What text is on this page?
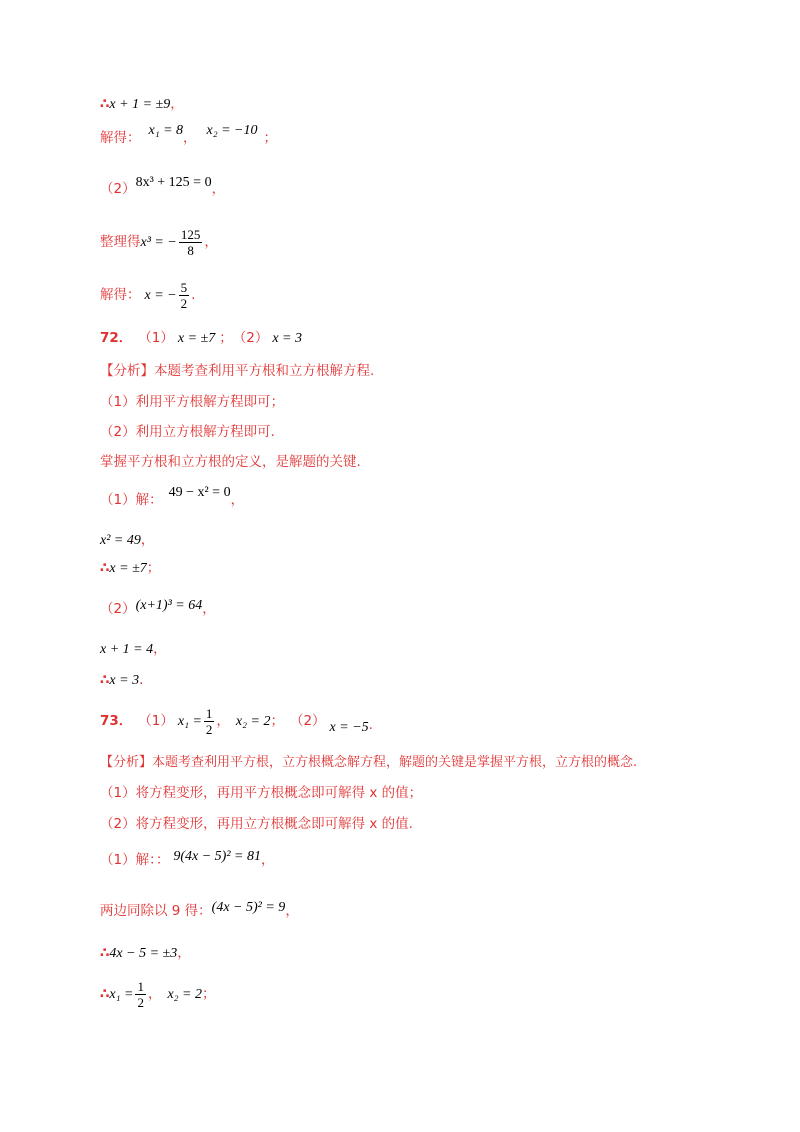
∴ x + 1 = ±9 ，
解得： x₁ = 8 ， x₂ = −10 ；
（2） 8x³ + 125 = 0 ，
整理得 x³ = − $\frac{125}{8}$ ，
解得： x = − $\frac{5}{2}$ .
72． （1） x = ±7 ； （2） x = 3
【分析】本题考查利用平方根和立方根解方程.
（1）利用平方根解方程即可；
（2）利用立方根解方程即可.
掌握平方根和立方根的定义，是解题的关键.
（1）解： 49 − x² = 0 ，
x² = 49 ，
∴ x = ±7 ；
（2） (x+1)³ = 64 ，
x + 1 = 4 ，
∴ x = 3 .
73． （1） $x_1 = \frac{1}{2}$ ， x₂ = 2 ； （2） x = −5 .
【分析】本题考查利用平方根，立方根概念解方程，解题的关键是掌握平方根，立方根的概念.
（1）将方程变形，再用平方根概念即可解得 x 的值；
（2）将方程变形，再用立方根概念即可解得 x 的值.
（1）解：： 9(4x − 5)² = 81 ，
两边同除以 9 得： (4x − 5)² = 9 ，
∴ 4x − 5 = ±3 ，
∴ $x_1 = \frac{1}{2}$ ， x₂ = 2 ；
